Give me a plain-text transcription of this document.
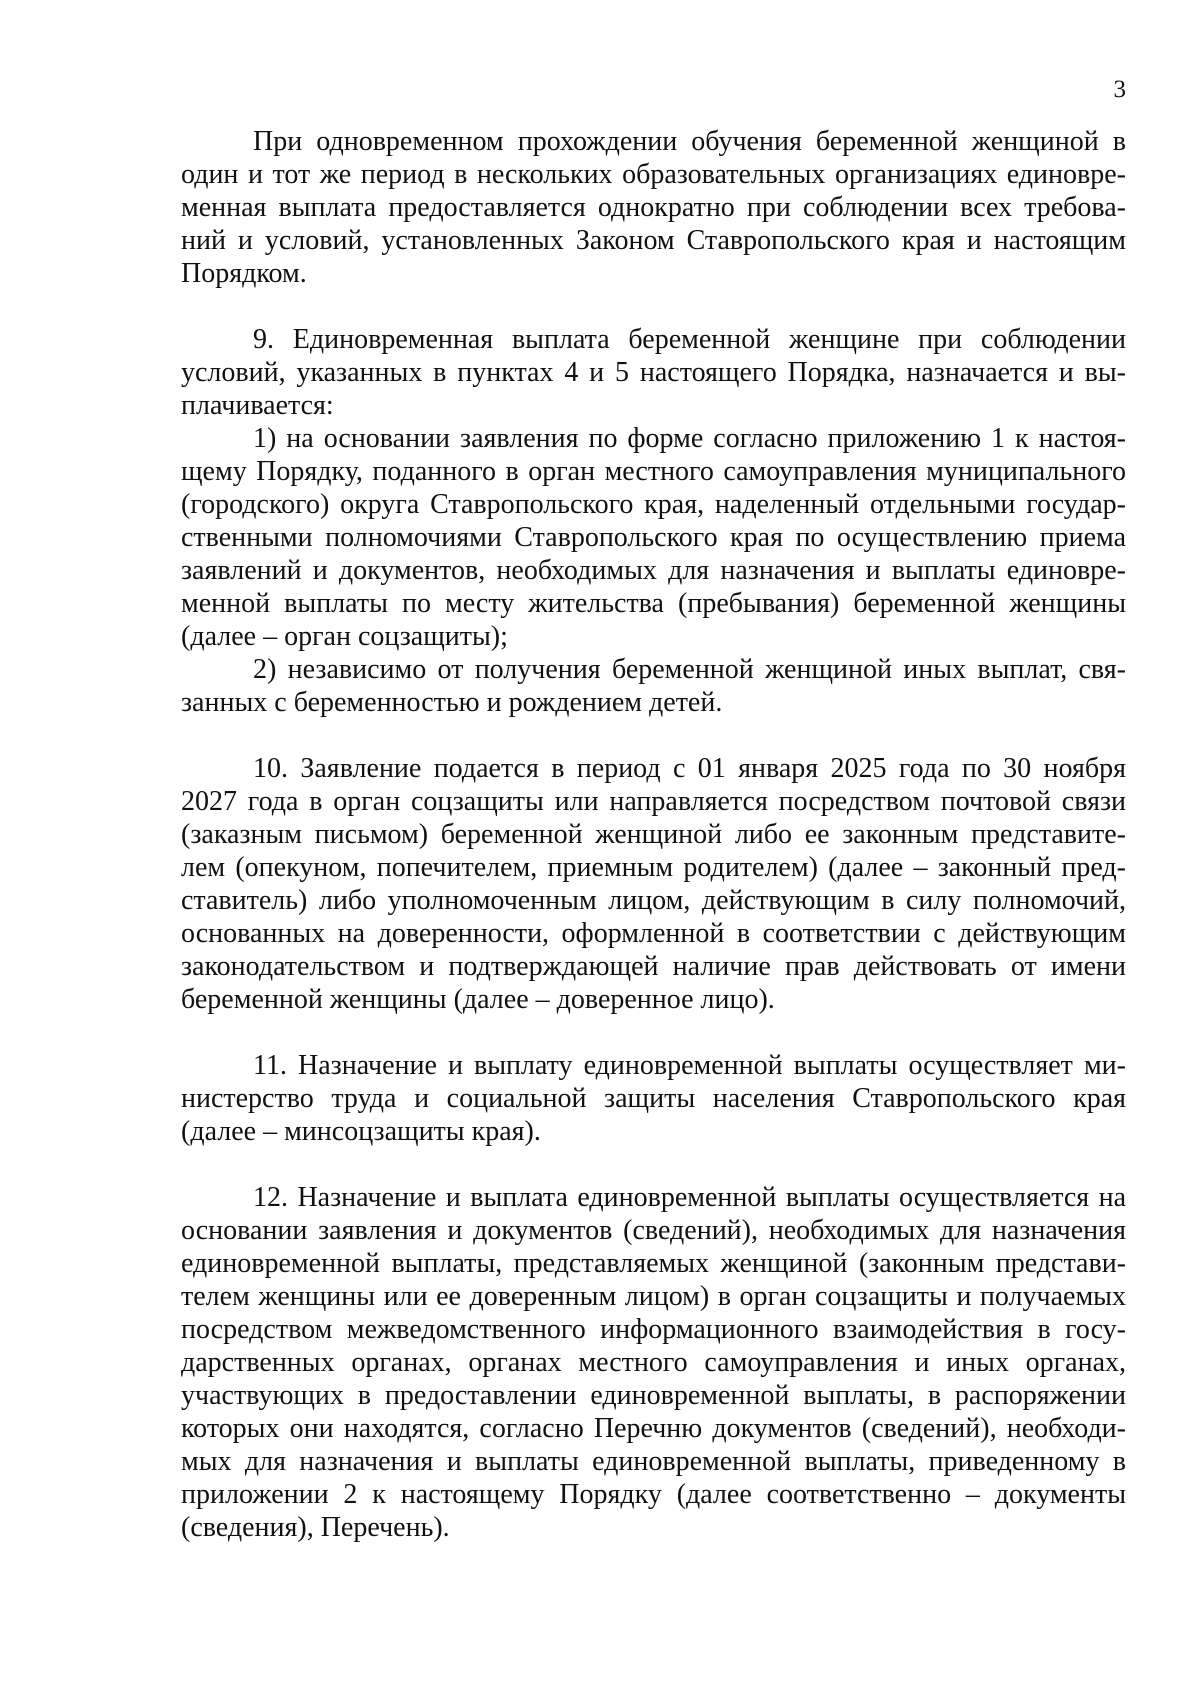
3
При одновременном прохождении обучения беременной женщиной в
один и тот же период в нескольких образовательных организациях единовре-
менная выплата предоставляется однократно при соблюдении всех требова-
ний и условий, установленных Законом Ставропольского края и настоящим
Порядком.
9. Единовременная выплата беременной женщине при соблюдении
условий, указанных в пунктах 4 и 5 настоящего Порядка, назначается и вы-
плачивается:
1) на основании заявления по форме согласно приложению 1 к настоя-
щему Порядку, поданного в орган местного самоуправления муниципального
(городского) округа Ставропольского края, наделенный отдельными государ-
ственными полномочиями Ставропольского края по осуществлению приема
заявлений и документов, необходимых для назначения и выплаты единовре-
менной выплаты по месту жительства (пребывания) беременной женщины
(далее – орган соцзащиты);
2) независимо от получения беременной женщиной иных выплат, свя-
занных с беременностью и рождением детей.
10. Заявление подается в период с 01 января 2025 года по 30 ноября
2027 года в орган соцзащиты или направляется посредством почтовой связи
(заказным письмом) беременной женщиной либо ее законным представите-
лем (опекуном, попечителем, приемным родителем) (далее – законный пред-
ставитель) либо уполномоченным лицом, действующим в силу полномочий,
основанных на доверенности, оформленной в соответствии с действующим
законодательством и подтверждающей наличие прав действовать от имени
беременной женщины (далее – доверенное лицо).
11. Назначение и выплату единовременной выплаты осуществляет ми-
нистерство труда и социальной защиты населения Ставропольского края
(далее – минсоцзащиты края).
12. Назначение и выплата единовременной выплаты осуществляется на
основании заявления и документов (сведений), необходимых для назначения
единовременной выплаты, представляемых женщиной (законным представи-
телем женщины или ее доверенным лицом) в орган соцзащиты и получаемых
посредством межведомственного информационного взаимодействия в госу-
дарственных органах, органах местного самоуправления и иных органах,
участвующих в предоставлении единовременной выплаты, в распоряжении
которых они находятся, согласно Перечню документов (сведений), необходи-
мых для назначения и выплаты единовременной выплаты, приведенному в
приложении 2 к настоящему Порядку (далее соответственно – документы
(сведения), Перечень).
